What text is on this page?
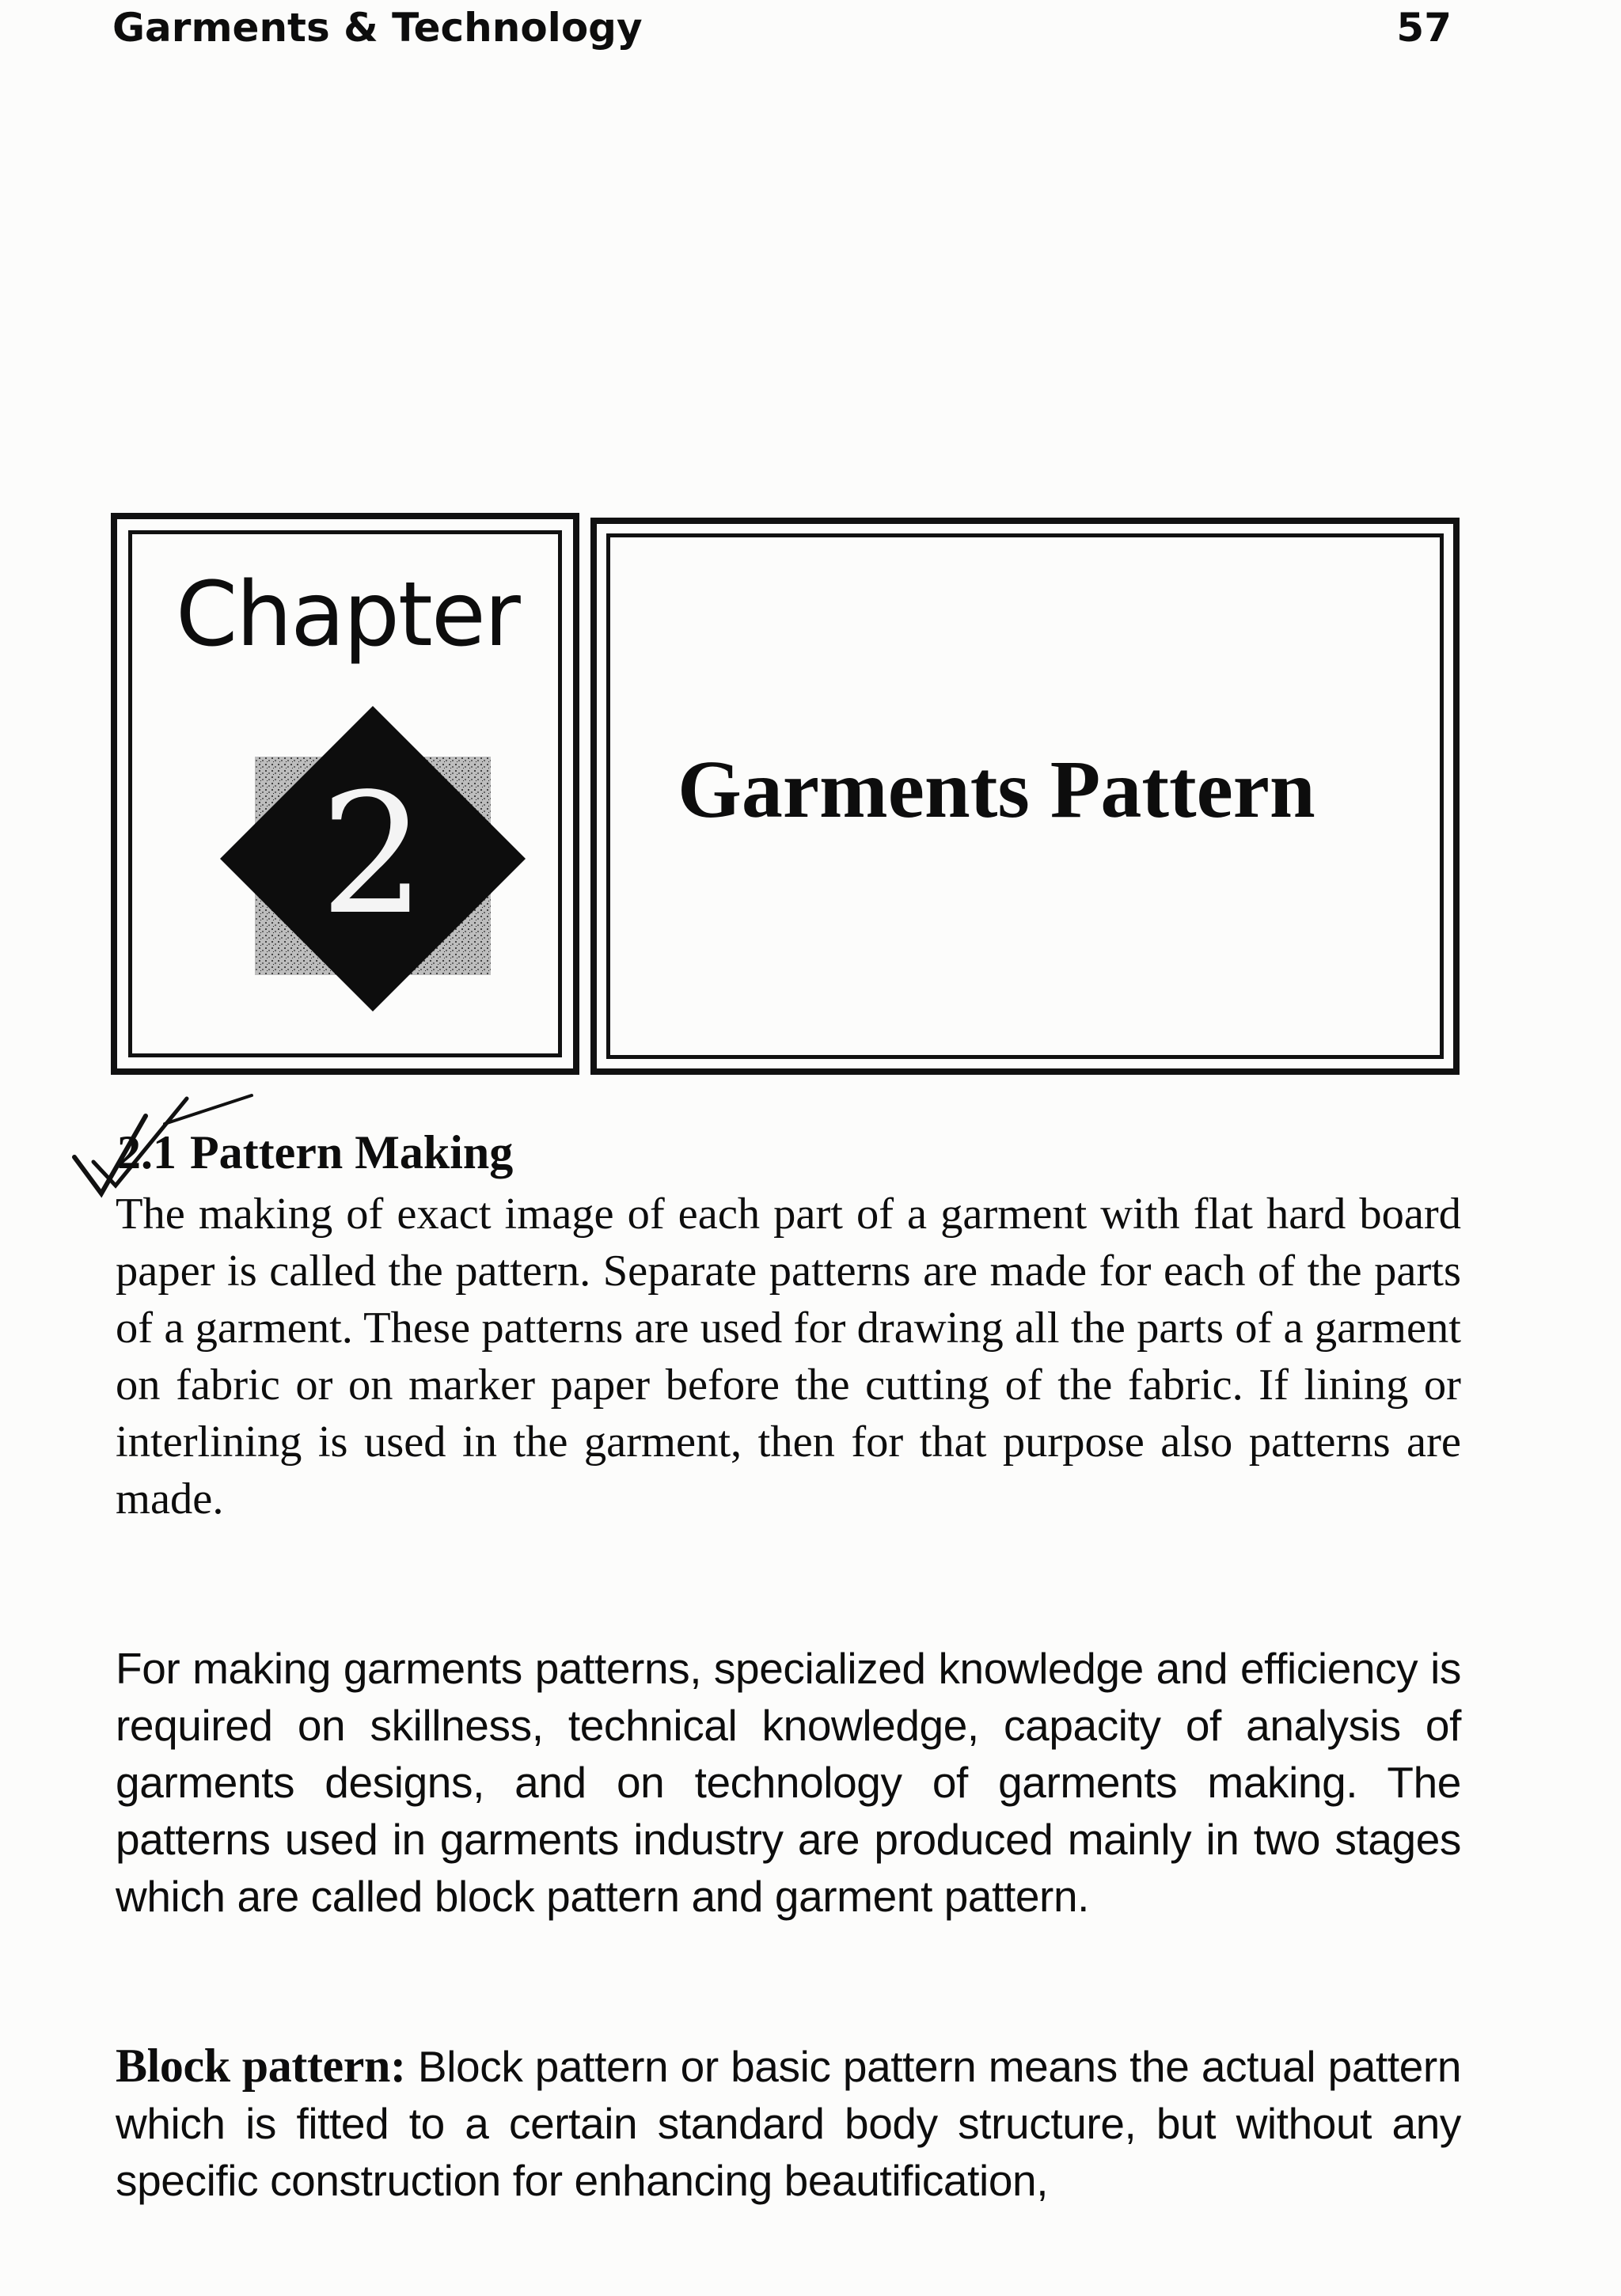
Garments & Technology	57
Chapter
2	Garments Pattern
2.1 Pattern Making
The making of exact image of each part of a garment with flat hard board paper is called the pattern. Separate patterns are made for each of the parts of a garment. These patterns are used for drawing all the parts of a garment on fabric or on marker paper before the cutting of the fabric. If lining or interlining is used in the garment, then for that purpose also patterns are made.
For making garments patterns, specialized knowledge and efficiency is required on skillness, technical knowledge, capacity of analysis of garments designs, and on technology of garments making. The patterns used in garments industry are produced mainly in two stages which are called block pattern and garment pattern.
Block pattern: Block pattern or basic pattern means the actual pattern which is fitted to a certain standard body structure, but without any specific construction for enhancing beautification,
